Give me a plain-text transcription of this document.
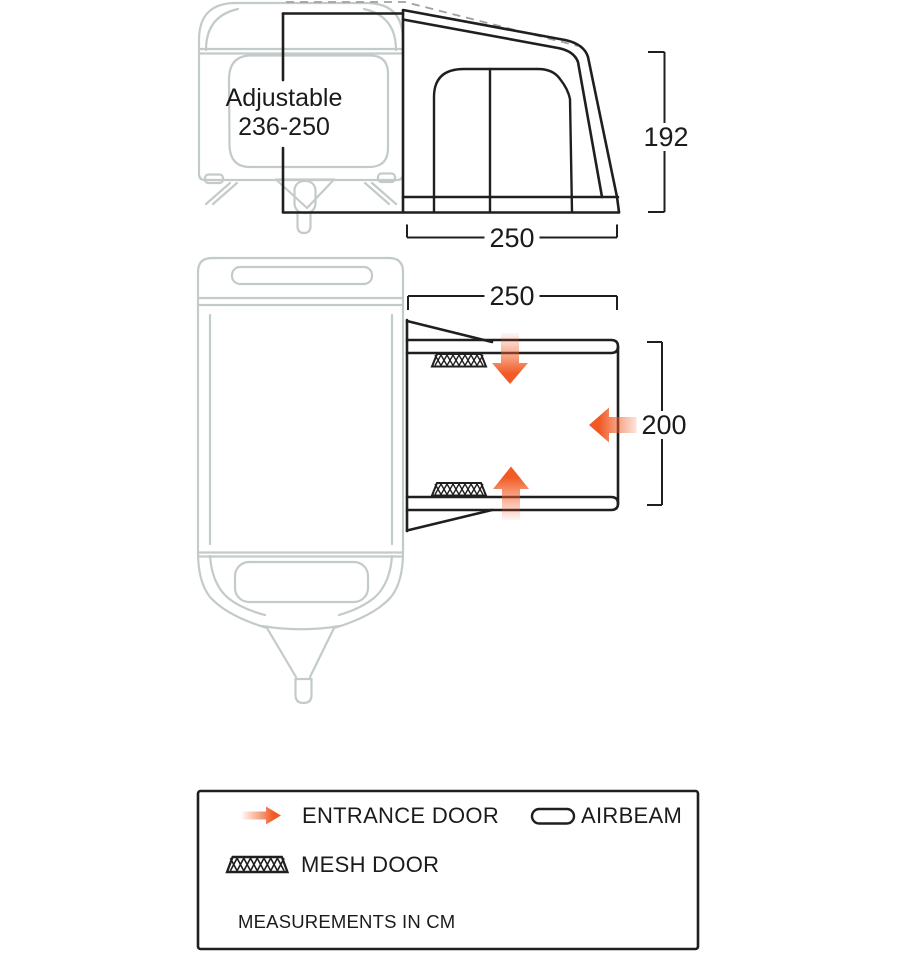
Adjustable
236-250	192
250
250
200
ENTRANCE DOOR	AIRBEAM
MESH DOOR
MEASUREMENTS IN CM
